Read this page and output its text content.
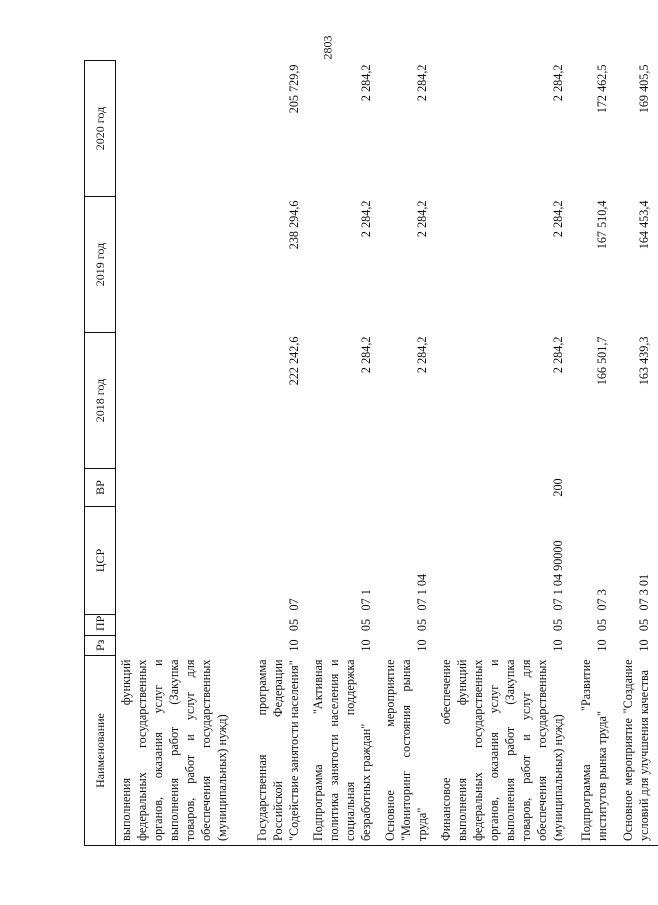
2803
Наименование	Рз	ПР	ЦСР	ВР	2018 год	2019 год	2020 год
выполнения функций федеральных государственных органов, оказания услуг и выполнения работ (Закупка товаров, работ и услуг для обеспечения государственных (муниципальных) нужд)							
Государственная программа Российской Федерации "Содействие занятости населения"	10	05	07		222 242,6	238 294,6	205 729,9
Подпрограмма "Активная политика занятости населения и социальная поддержка безработных граждан"	10	05	07 1		2 284,2	2 284,2	2 284,2
Основное мероприятие "Мониторинг состояния рынка труда"	10	05	07 1 04		2 284,2	2 284,2	2 284,2
Финансовое обеспечение выполнения функций федеральных государственных органов, оказания услуг и выполнения работ (Закупка товаров, работ и услуг для обеспечения государственных (муниципальных) нужд)	10	05	07 1 04 90000	200	2 284,2	2 284,2	2 284,2
Подпрограмма "Развитие институтов рынка труда"	10	05	07 3		166 501,7	167 510,4	172 462,5
Основное мероприятие "Создание условий для улучшения качества	10	05	07 3 01		163 439,3	164 453,4	169 405,5
